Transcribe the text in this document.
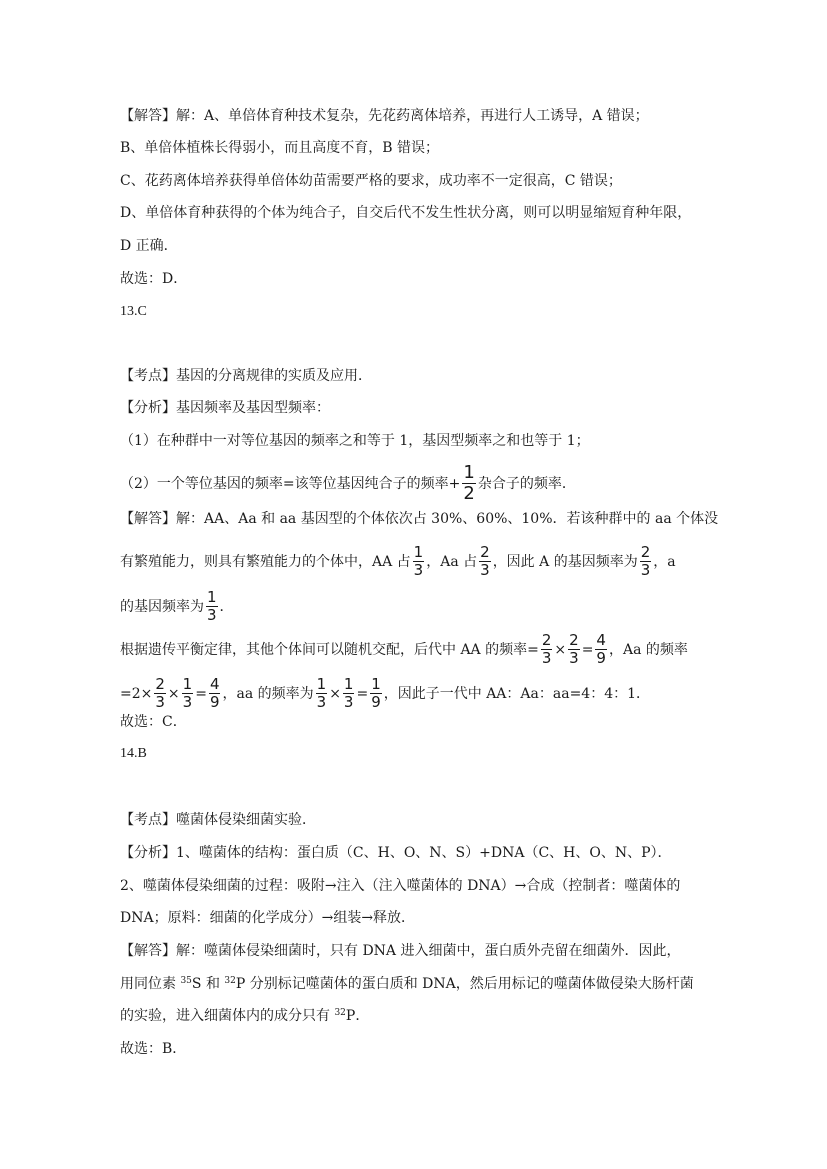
【解答】解：A、单倍体育种技术复杂，先花药离体培养，再进行人工诱导，A 错误；
B、单倍体植株长得弱小，而且高度不育，B 错误；
C、花药离体培养获得单倍体幼苗需要严格的要求，成功率不一定很高，C 错误；
D、单倍体育种获得的个体为纯合子，自交后代不发生性状分离，则可以明显缩短育种年限，
D 正确．
故选：D．
13.C
【考点】基因的分离规律的实质及应用．
【分析】基因频率及基因型频率：
（1）在种群中一对等位基因的频率之和等于 1，基因型频率之和也等于 1；
（2）一个等位基因的频率=该等位基因纯合子的频率+ $\frac{1}{2}$ 杂合子的频率．
【解答】解：AA、Aa 和 aa 基因型的个体依次占 30%、60%、10%．若该种群中的 aa 个体没
有繁殖能力，则具有繁殖能力的个体中，AA 占 $\frac{1}{3}$ ，Aa 占 $\frac{2}{3}$ ，因此 A 的基因频率为 $\frac{2}{3}$ ，a
的基因频率为 $\frac{1}{3}$ ．
根据遗传平衡定律，其他个体间可以随机交配，后代中 AA 的频率= $\frac{2}{3} \times \frac{2}{3} = \frac{4}{9}$ ，Aa 的频率
$=2\times \frac{2}{3} \times \frac{1}{3} = \frac{4}{9}$ ，aa 的频率为 $\frac{1}{3} \times \frac{1}{3} = \frac{1}{9}$ ，因此子一代中 AA：Aa：aa=4：4：1．
故选：C．
14.B
【考点】噬菌体侵染细菌实验．
【分析】1、噬菌体的结构：蛋白质（C、H、O、N、S）+DNA（C、H、O、N、P）．
2、噬菌体侵染细菌的过程：吸附→注入（注入噬菌体的 DNA）→合成（控制者：噬菌体的
DNA；原料：细菌的化学成分）→组装→释放．
【解答】解：噬菌体侵染细菌时，只有 DNA 进入细菌中，蛋白质外壳留在细菌外．因此，
用同位素 $^{35}$ S 和 $^{32}$ P 分别标记噬菌体的蛋白质和 DNA，然后用标记的噬菌体做侵染大肠杆菌
的实验，进入细菌体内的成分只有 $^{32}$ P．
故选：B．
